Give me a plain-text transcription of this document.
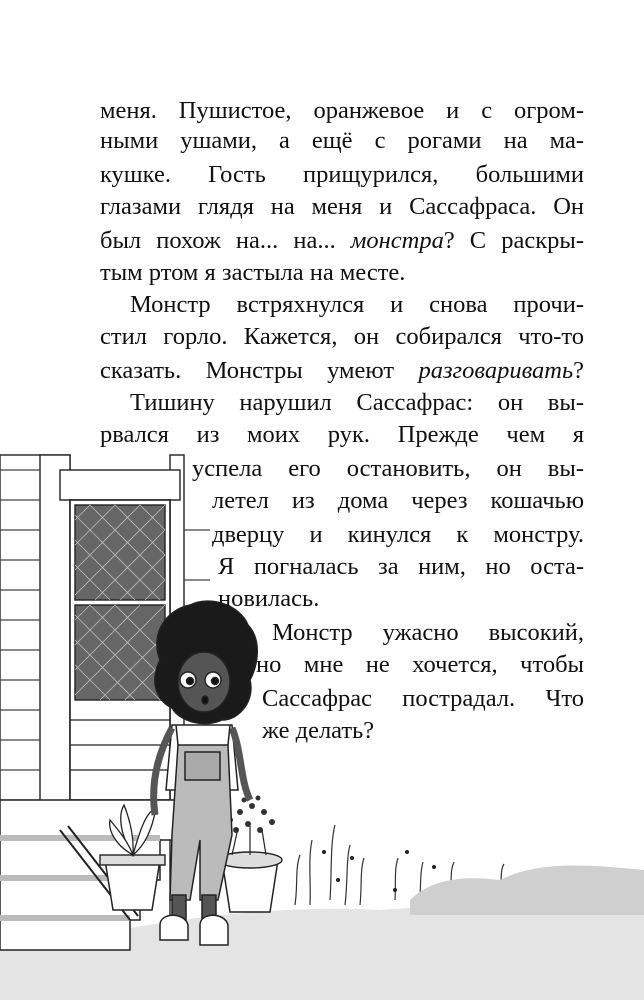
меня. Пушистое, оранжевое и с огром-
ными ушами, а ещё с рогами на ма-
кушке. Гость прищурился, большими
глазами глядя на меня и Сассафраса. Он
был похож на... на... монстра? С раскры-
тым ртом я застыла на месте.
Монстр встряхнулся и снова прочи-
стил горло. Кажется, он собирался что-то
сказать. Монстры умеют разговаривать?
Тишину нарушил Сассафрас: он вы-
рвался из моих рук. Прежде чем я
успела его остановить, он вы-
летел из дома через кошачью
дверцу и кинулся к монстру.
Я погналась за ним, но оста-
новилась.
Монстр ужасно высокий,
но мне не хочется, чтобы
Сассафрас пострадал. Что
же делать?
